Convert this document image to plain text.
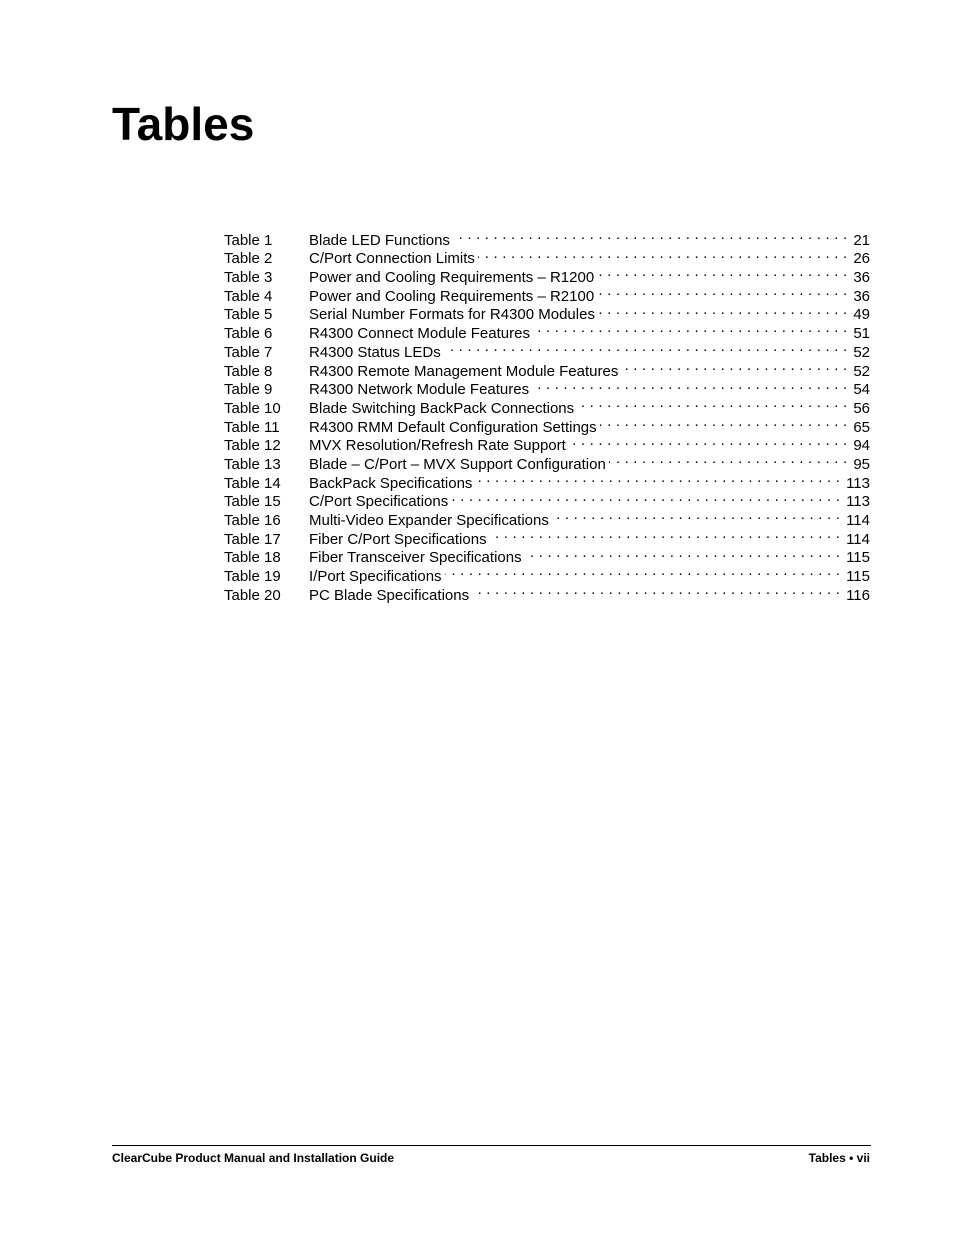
Tables
Table 1	Blade LED Functions . . .	21
Table 2	C/Port Connection Limits . . .	26
Table 3	Power and Cooling Requirements – R1200 . . .	36
Table 4	Power and Cooling Requirements – R2100 . . .	36
Table 5	Serial Number Formats for R4300 Modules . . .	49
Table 6	R4300 Connect Module Features . . .	51
Table 7	R4300 Status LEDs . . .	52
Table 8	R4300 Remote Management Module Features . . .	52
Table 9	R4300 Network Module Features . . .	54
Table 10	Blade Switching BackPack Connections . . .	56
Table 11	R4300 RMM Default Configuration Settings . . .	65
Table 12	MVX Resolution/Refresh Rate Support . . .	94
Table 13	Blade – C/Port – MVX Support Configuration . . .	95
Table 14	BackPack Specifications . . .	113
Table 15	C/Port Specifications . . .	113
Table 16	Multi-Video Expander Specifications . . .	114
Table 17	Fiber C/Port Specifications . . .	114
Table 18	Fiber Transceiver Specifications . . .	115
Table 19	I/Port Specifications . . .	115
Table 20	PC Blade Specifications . . .	116
ClearCube Product Manual and Installation Guide	Tables • vii
